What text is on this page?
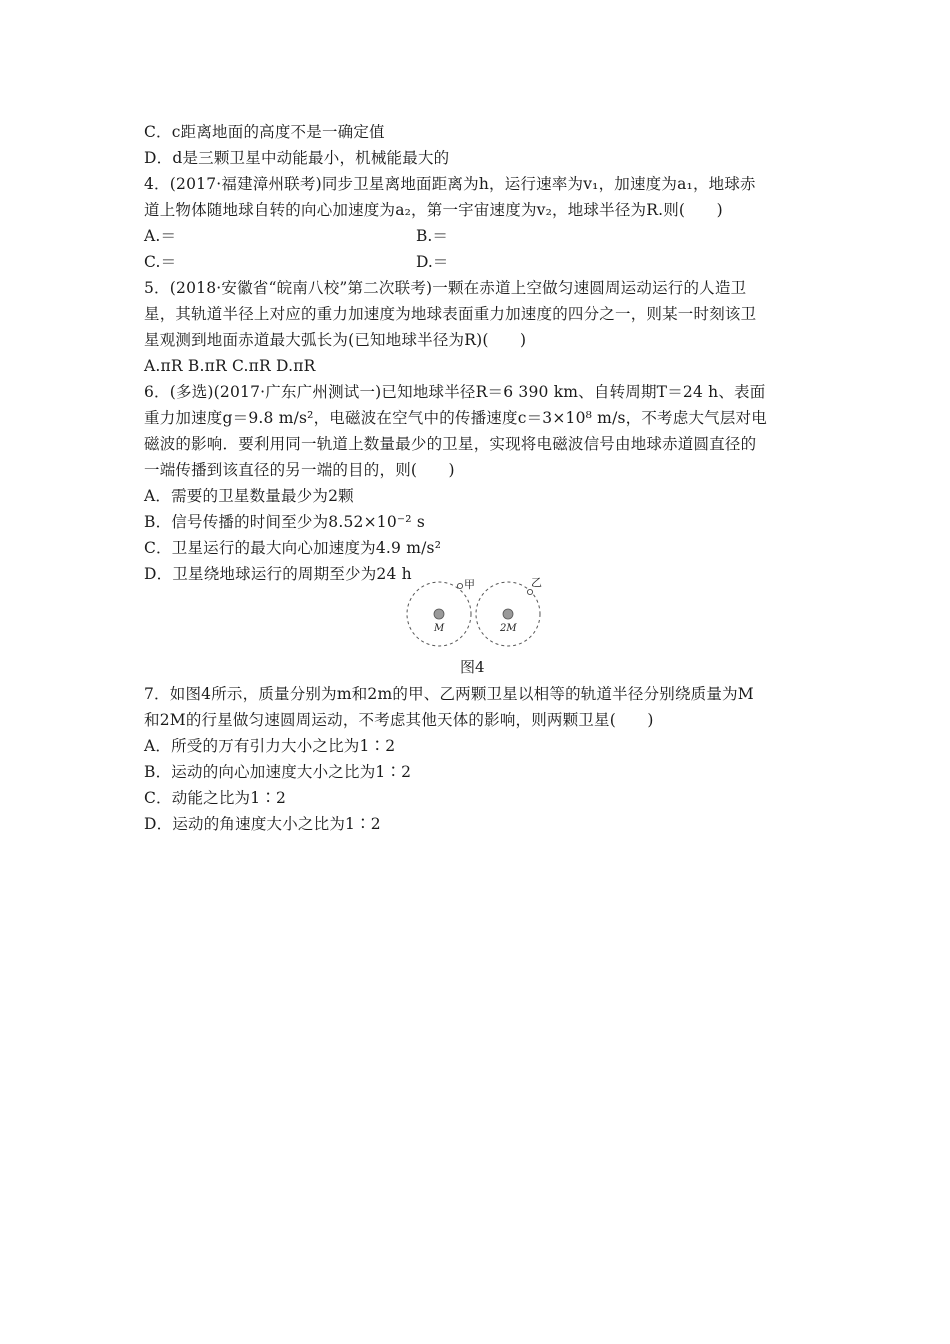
C．c距离地面的高度不是一确定值
D．d是三颗卫星中动能最小，机械能最大的
4．(2017·福建漳州联考)同步卫星离地面距离为h，运行速率为v₁，加速度为a₁，地球赤
道上物体随地球自转的向心加速度为a₂，第一宇宙速度为v₂，地球半径为R.则(　　)
A.＝	B.＝
C.＝	D.＝
5．(2018·安徽省“皖南八校”第二次联考)一颗在赤道上空做匀速圆周运动运行的人造卫
星，其轨道半径上对应的重力加速度为地球表面重力加速度的四分之一，则某一时刻该卫
星观测到地面赤道最大弧长为(已知地球半径为R)(　　)
A.πR B.πR C.πR D.πR
6．(多选)(2017·广东广州测试一)已知地球半径R＝6 390 km、自转周期T＝24 h、表面
重力加速度g＝9.8 m/s²，电磁波在空气中的传播速度c＝3×10⁸ m/s，不考虑大气层对电
磁波的影响．要利用同一轨道上数量最少的卫星，实现将电磁波信号由地球赤道圆直径的
一端传播到该直径的另一端的目的，则(　　)
A．需要的卫星数量最少为2颗
B．信号传播的时间至少为8.52×10⁻² s
C．卫星运行的最大向心加速度为4.9 m/s²
D．卫星绕地球运行的周期至少为24 h
甲
M
乙
2M
图4
7．如图4所示，质量分别为m和2m的甲、乙两颗卫星以相等的轨道半径分别绕质量为M
和2M的行星做匀速圆周运动，不考虑其他天体的影响，则两颗卫星(　　)
A．所受的万有引力大小之比为1∶2
B．运动的向心加速度大小之比为1∶2
C．动能之比为1∶2
D．运动的角速度大小之比为1∶2
